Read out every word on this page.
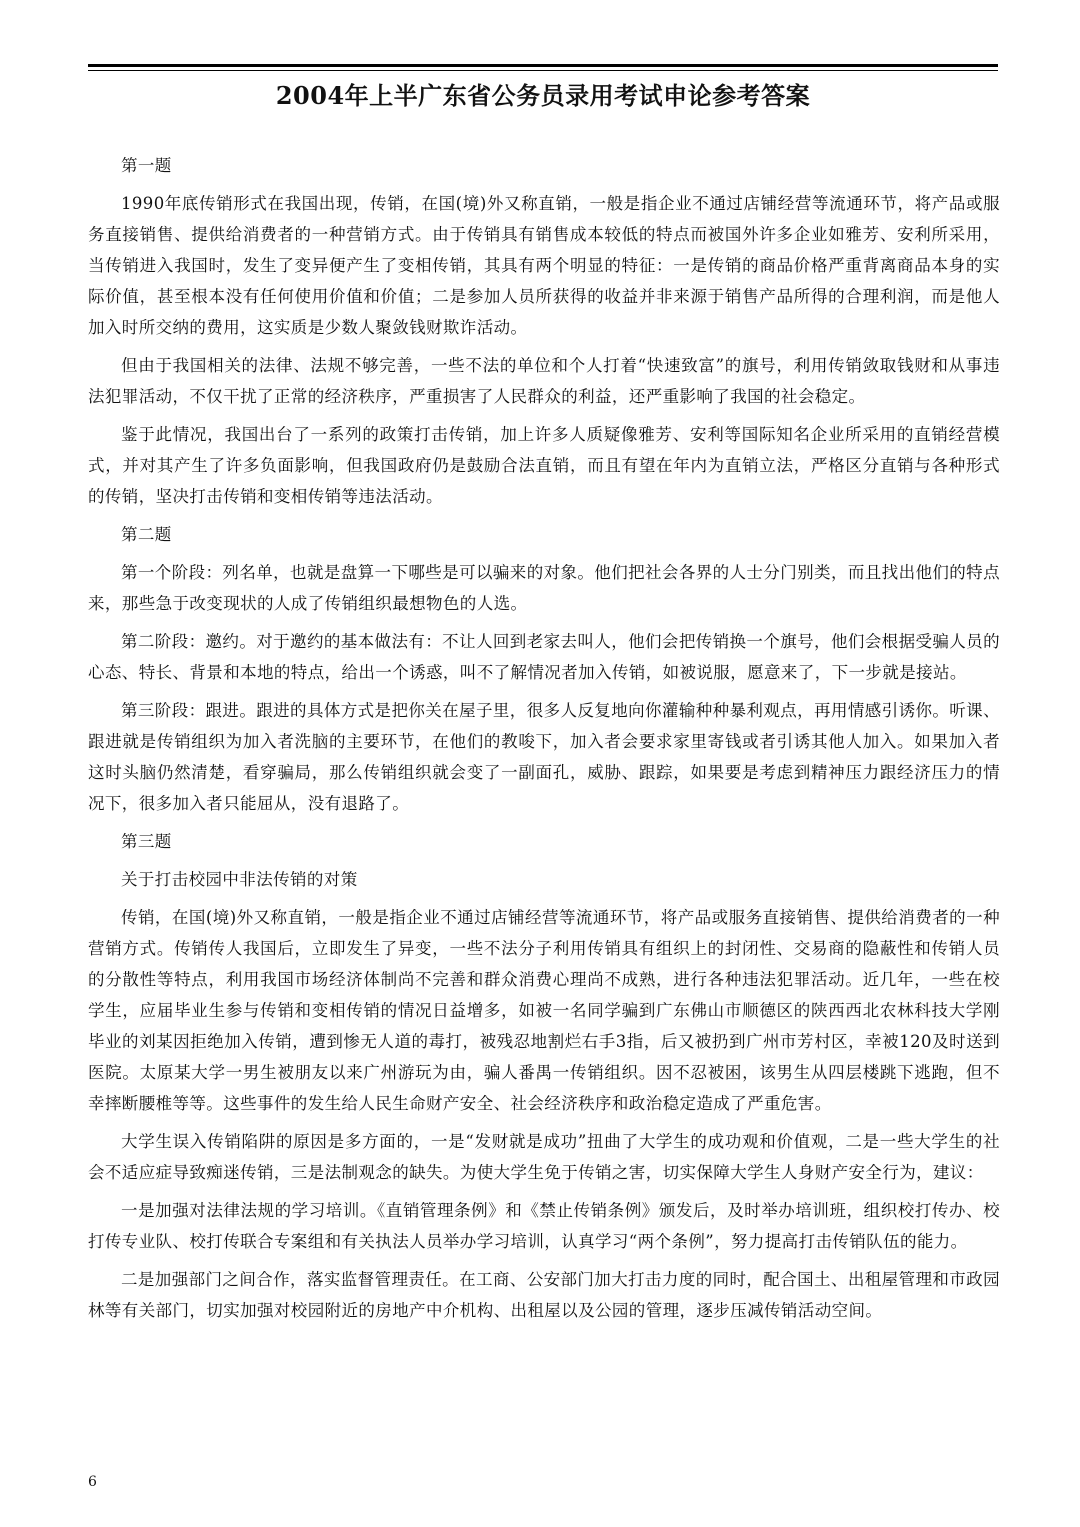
2004年上半广东省公务员录用考试申论参考答案

第一题

1990年底传销形式在我国出现，传销，在国(境)外又称直销，一般是指企业不通过店铺经营等流通环节，将产品或服务直接销售、提供给消费者的一种营销方式。由于传销具有销售成本较低的特点而被国外许多企业如雅芳、安利所采用，当传销进入我国时，发生了变异便产生了变相传销，其具有两个明显的特征：一是传销的商品价格严重背离商品本身的实际价值，甚至根本没有任何使用价值和价值；二是参加人员所获得的收益并非来源于销售产品所得的合理利润，而是他人加入时所交纳的费用，这实质是少数人聚敛钱财欺诈活动。

但由于我国相关的法律、法规不够完善，一些不法的单位和个人打着“快速致富”的旗号，利用传销敛取钱财和从事违法犯罪活动，不仅干扰了正常的经济秩序，严重损害了人民群众的利益，还严重影响了我国的社会稳定。

鉴于此情况，我国出台了一系列的政策打击传销，加上许多人质疑像雅芳、安利等国际知名企业所采用的直销经营模式，并对其产生了许多负面影响，但我国政府仍是鼓励合法直销，而且有望在年内为直销立法，严格区分直销与各种形式的传销，坚决打击传销和变相传销等违法活动。

第二题

第一个阶段：列名单，也就是盘算一下哪些是可以骗来的对象。他们把社会各界的人士分门别类，而且找出他们的特点来，那些急于改变现状的人成了传销组织最想物色的人选。

第二阶段：邀约。对于邀约的基本做法有：不让人回到老家去叫人，他们会把传销换一个旗号，他们会根据受骗人员的心态、特长、背景和本地的特点，给出一个诱惑，叫不了解情况者加入传销，如被说服，愿意来了，下一步就是接站。

第三阶段：跟进。跟进的具体方式是把你关在屋子里，很多人反复地向你灌输种种暴利观点，再用情感引诱你。听课、跟进就是传销组织为加入者洗脑的主要环节，在他们的教唆下，加入者会要求家里寄钱或者引诱其他人加入。如果加入者这时头脑仍然清楚，看穿骗局，那么传销组织就会变了一副面孔，威胁、跟踪，如果要是考虑到精神压力跟经济压力的情况下，很多加入者只能屈从，没有退路了。

第三题

关于打击校园中非法传销的对策

传销，在国(境)外又称直销，一般是指企业不通过店铺经营等流通环节，将产品或服务直接销售、提供给消费者的一种营销方式。传销传人我国后，立即发生了异变，一些不法分子利用传销具有组织上的封闭性、交易商的隐蔽性和传销人员的分散性等特点，利用我国市场经济体制尚不完善和群众消费心理尚不成熟，进行各种违法犯罪活动。近几年，一些在校学生，应届毕业生参与传销和变相传销的情况日益增多，如被一名同学骗到广东佛山市顺德区的陕西西北农林科技大学刚毕业的刘某因拒绝加入传销，遭到惨无人道的毒打，被残忍地割烂右手3指，后又被扔到广州市芳村区，幸被120及时送到医院。太原某大学一男生被朋友以来广州游玩为由，骗人番禺一传销组织。因不忍被困，该男生从四层楼跳下逃跑，但不幸摔断腰椎等等。这些事件的发生给人民生命财产安全、社会经济秩序和政治稳定造成了严重危害。

大学生误入传销陷阱的原因是多方面的，一是“发财就是成功”扭曲了大学生的成功观和价值观，二是一些大学生的社会不适应症导致痴迷传销，三是法制观念的缺失。为使大学生免于传销之害，切实保障大学生人身财产安全行为，建议：

一是加强对法律法规的学习培训。《直销管理条例》和《禁止传销条例》颁发后，及时举办培训班，组织校打传办、校打传专业队、校打传联合专案组和有关执法人员举办学习培训，认真学习“两个条例”，努力提高打击传销队伍的能力。

二是加强部门之间合作，落实监督管理责任。在工商、公安部门加大打击力度的同时，配合国土、出租屋管理和市政园林等有关部门，切实加强对校园附近的房地产中介机构、出租屋以及公园的管理，逐步压减传销活动空间。

6
